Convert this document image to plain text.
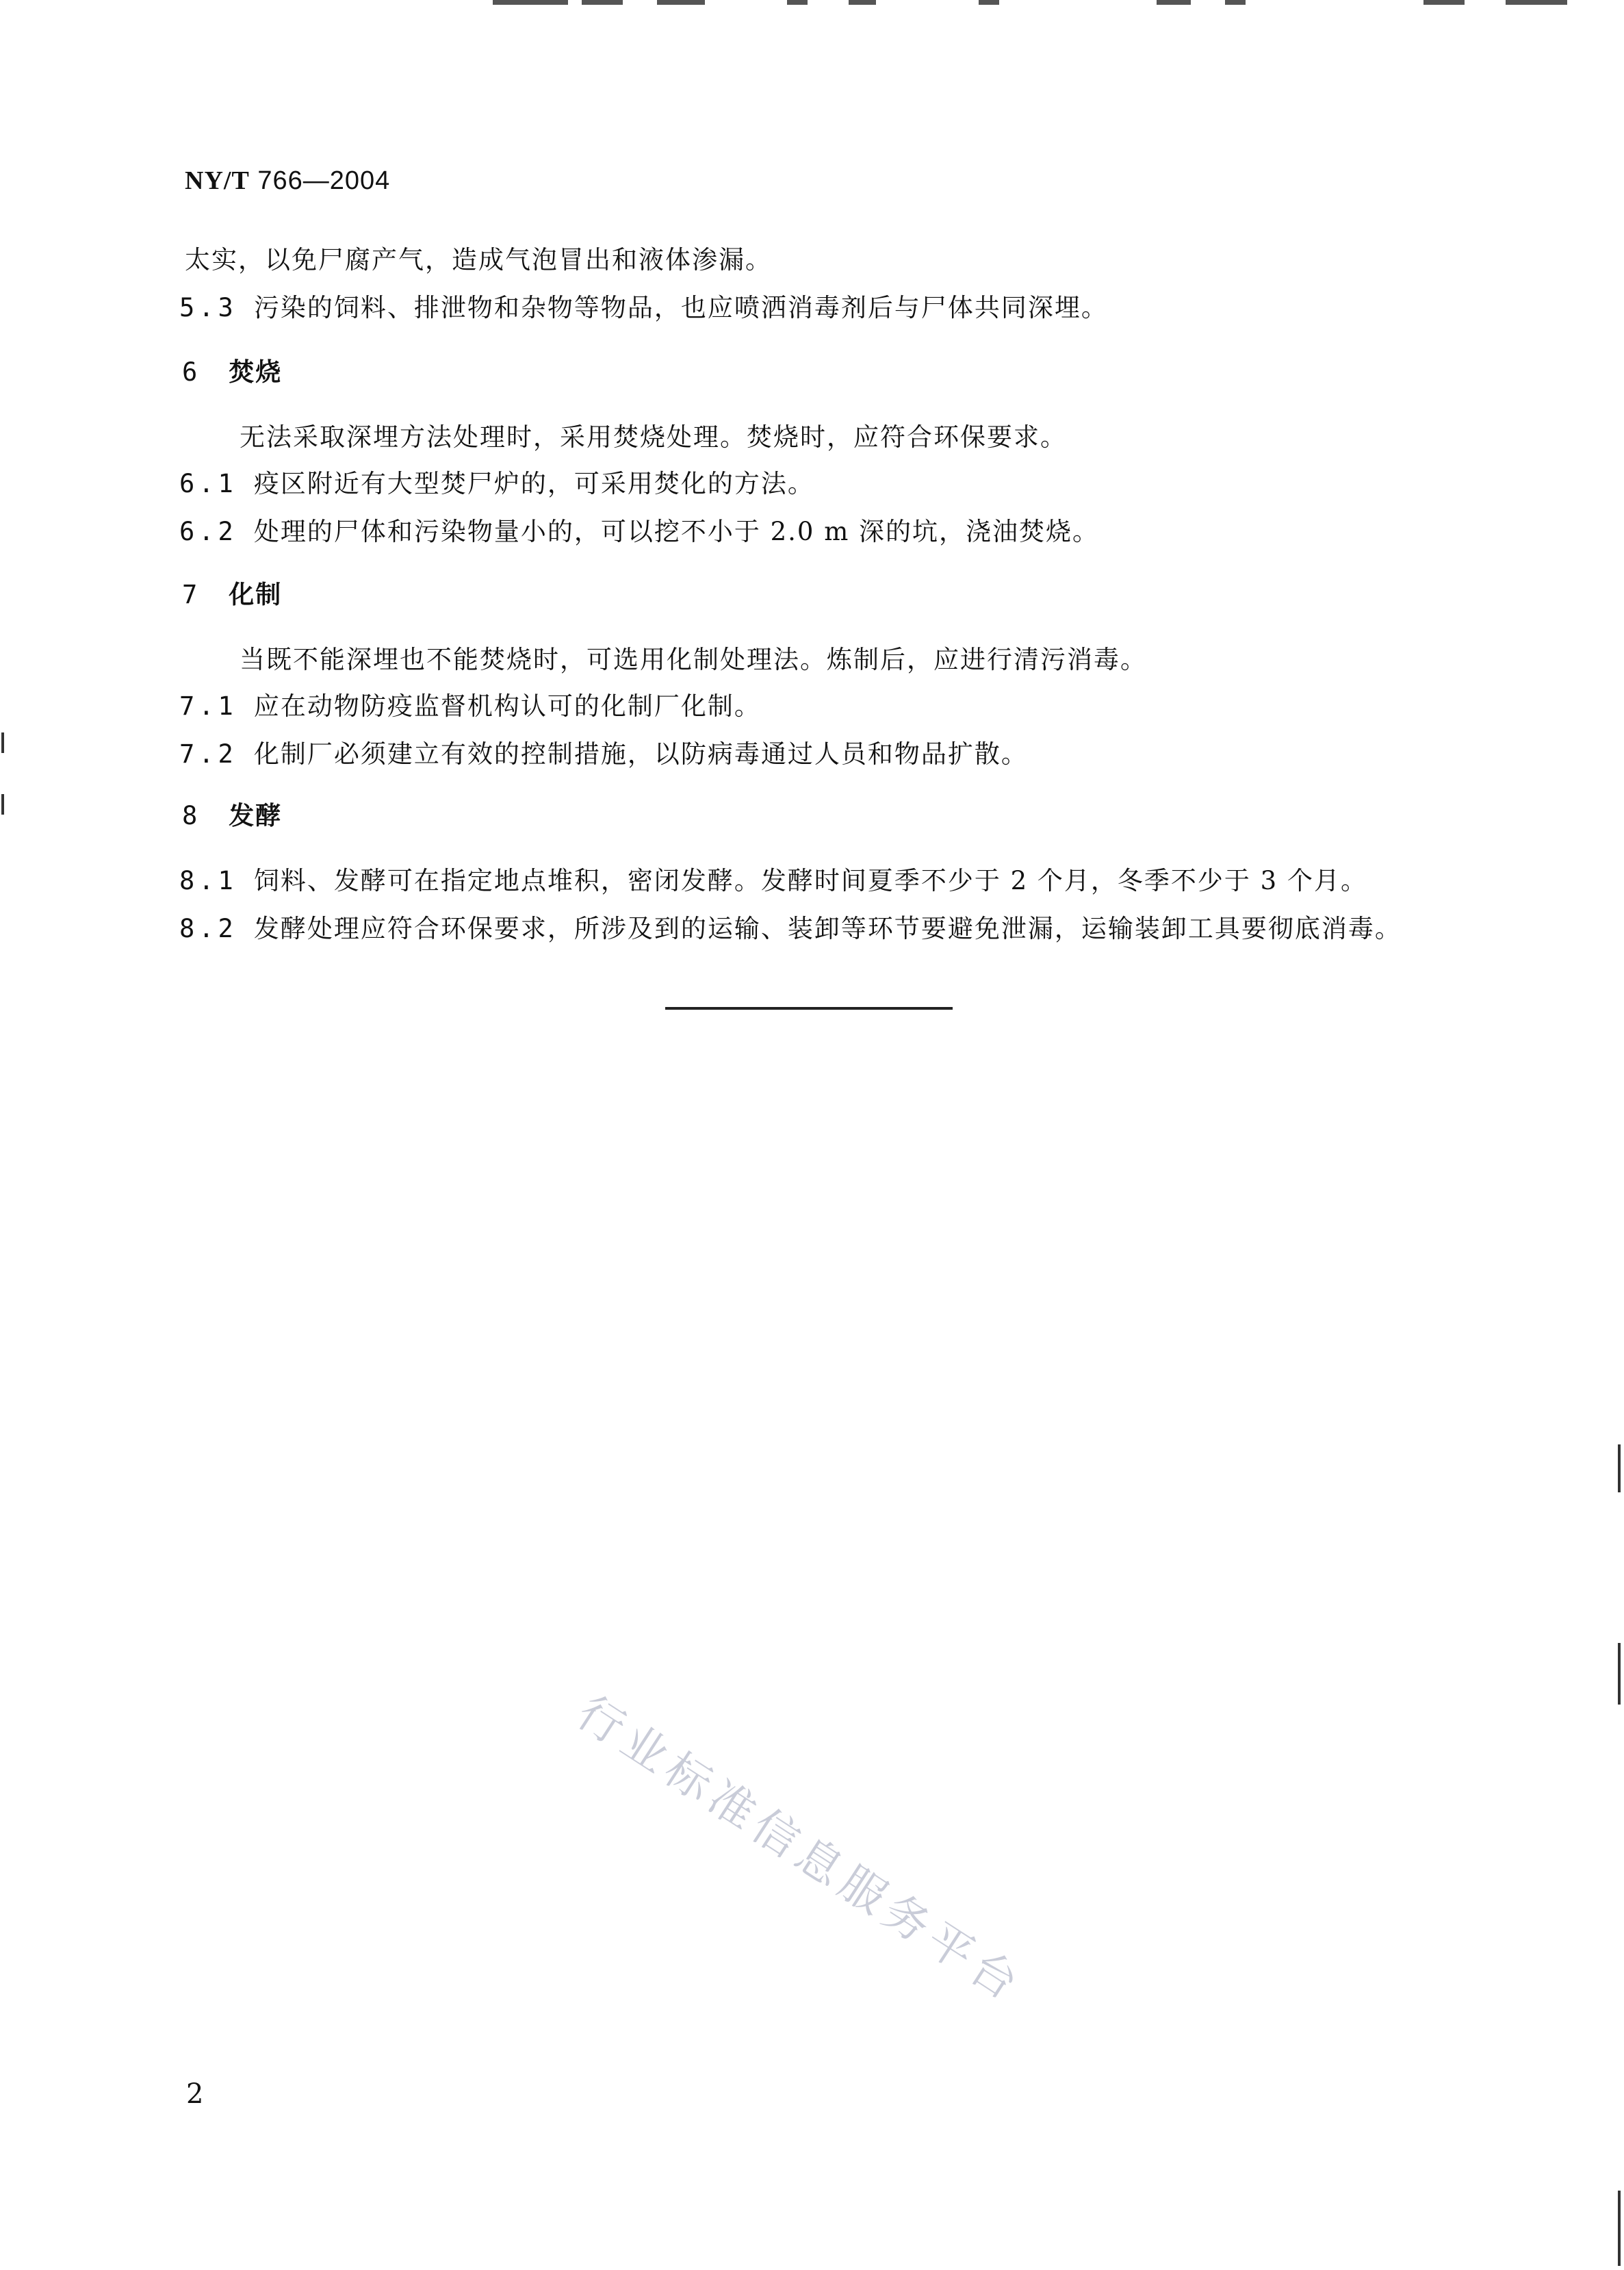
NY/T 766—2004
太实，以免尸腐产气，造成气泡冒出和液体渗漏。
5.3 污染的饲料、排泄物和杂物等物品，也应喷洒消毒剂后与尸体共同深埋。
6 焚烧
无法采取深埋方法处理时，采用焚烧处理。焚烧时，应符合环保要求。
6.1 疫区附近有大型焚尸炉的，可采用焚化的方法。
6.2 处理的尸体和污染物量小的，可以挖不小于 2.0 m 深的坑，浇油焚烧。
7 化制
当既不能深埋也不能焚烧时，可选用化制处理法。炼制后，应进行清污消毒。
7.1 应在动物防疫监督机构认可的化制厂化制。
7.2 化制厂必须建立有效的控制措施，以防病毒通过人员和物品扩散。
8 发酵
8.1 饲料、发酵可在指定地点堆积，密闭发酵。发酵时间夏季不少于 2 个月，冬季不少于 3 个月。
8.2 发酵处理应符合环保要求，所涉及到的运输、装卸等环节要避免泄漏，运输装卸工具要彻底消毒。
行业标准信息服务平台
2
